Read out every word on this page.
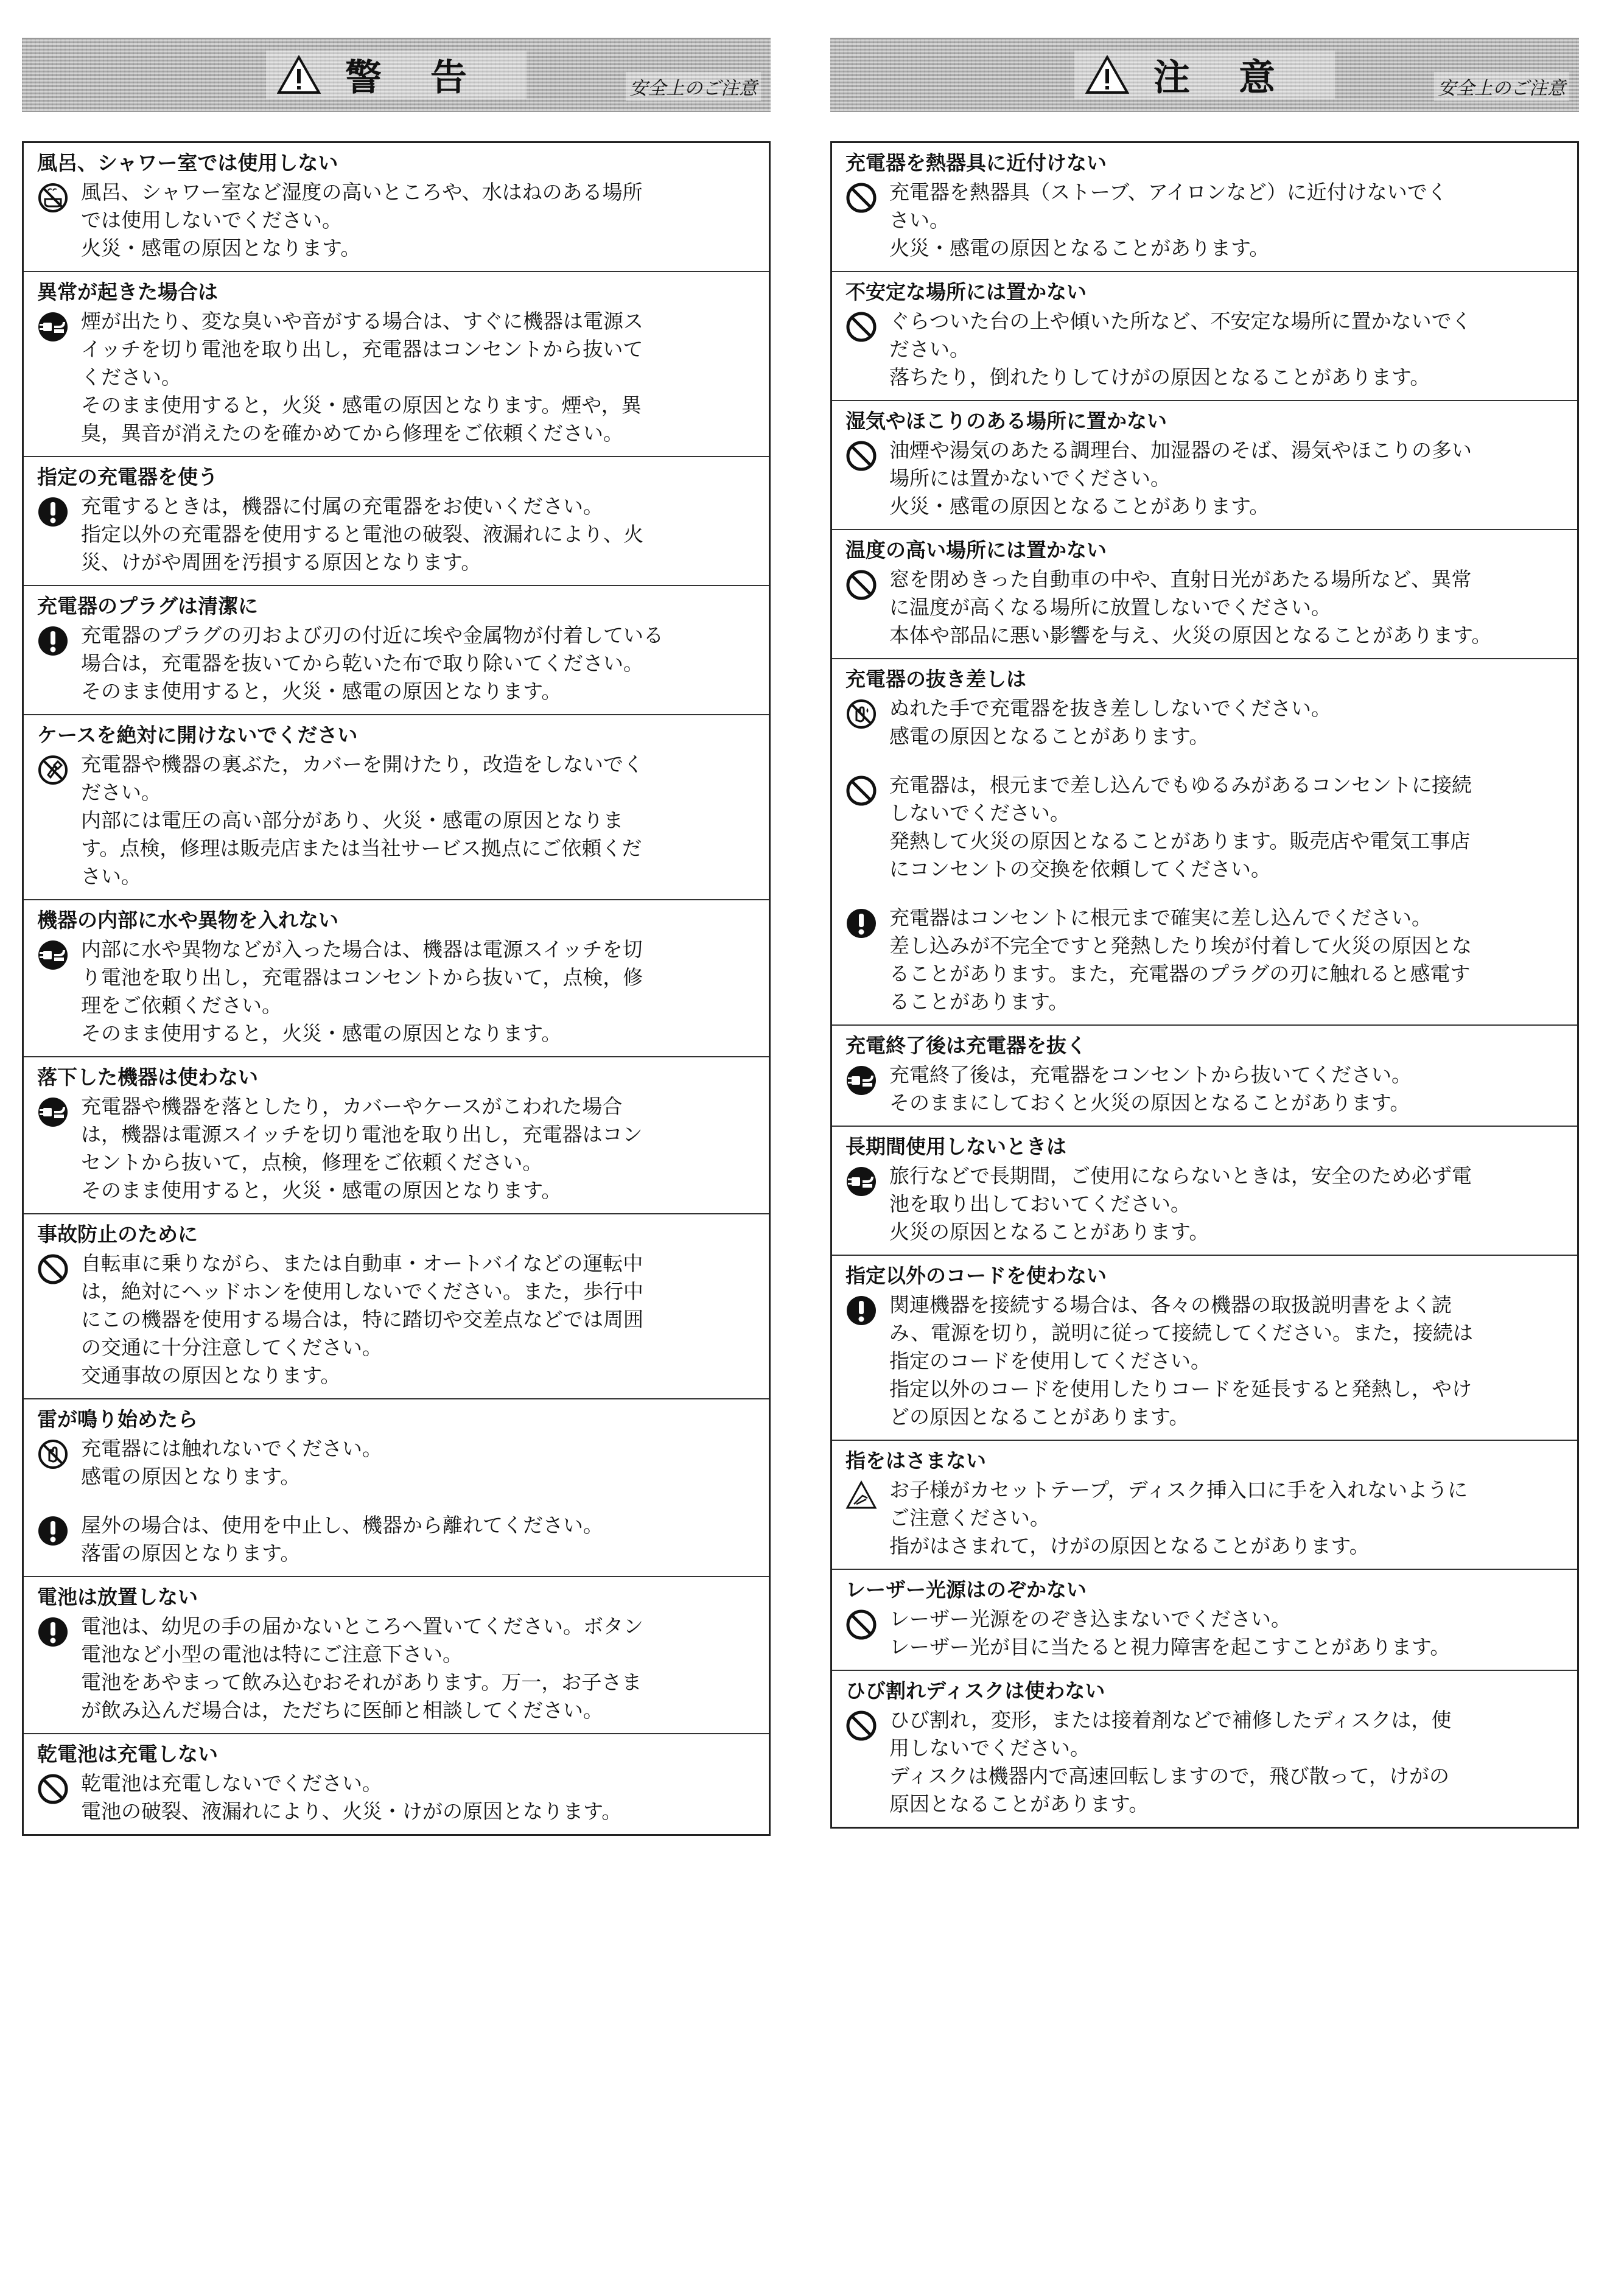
警告	安全上のご注意
風呂、シャワー室では使用しない
風呂、シャワー室など湿度の高いところや、水はねのある場所
では使用しないでください。
火災・感電の原因となります。
異常が起きた場合は
煙が出たり、変な臭いや音がする場合は、すぐに機器は電源ス
イッチを切り電池を取り出し，充電器はコンセントから抜いて
ください。
そのまま使用すると，火災・感電の原因となります。煙や，異
臭，異音が消えたのを確かめてから修理をご依頼ください。
指定の充電器を使う
充電するときは，機器に付属の充電器をお使いください。
指定以外の充電器を使用すると電池の破裂、液漏れにより、火
災、けがや周囲を汚損する原因となります。
充電器のプラグは清潔に
充電器のプラグの刃および刃の付近に埃や金属物が付着している
場合は，充電器を抜いてから乾いた布で取り除いてください。
そのまま使用すると，火災・感電の原因となります。
ケースを絶対に開けないでください
充電器や機器の裏ぶた，カバーを開けたり，改造をしないでく
ださい。
内部には電圧の高い部分があり、火災・感電の原因となりま
す。点検，修理は販売店または当社サービス拠点にご依頼くだ
さい。
機器の内部に水や異物を入れない
内部に水や異物などが入った場合は、機器は電源スイッチを切
り電池を取り出し，充電器はコンセントから抜いて，点検，修
理をご依頼ください。
そのまま使用すると，火災・感電の原因となります。
落下した機器は使わない
充電器や機器を落としたり，カバーやケースがこわれた場合
は，機器は電源スイッチを切り電池を取り出し，充電器はコン
セントから抜いて，点検，修理をご依頼ください。
そのまま使用すると，火災・感電の原因となります。
事故防止のために
自転車に乗りながら、または自動車・オートバイなどの運転中
は，絶対にヘッドホンを使用しないでください。また，歩行中
にこの機器を使用する場合は，特に踏切や交差点などでは周囲
の交通に十分注意してください。
交通事故の原因となります。
雷が鳴り始めたら
充電器には触れないでください。
感電の原因となります。
屋外の場合は、使用を中止し、機器から離れてください。
落雷の原因となります。
電池は放置しない
電池は、幼児の手の届かないところへ置いてください。ボタン
電池など小型の電池は特にご注意下さい。
電池をあやまって飲み込むおそれがあります。万一，お子さま
が飲み込んだ場合は，ただちに医師と相談してください。
乾電池は充電しない
乾電池は充電しないでください。
電池の破裂、液漏れにより、火災・けがの原因となります。
注意	安全上のご注意
充電器を熱器具に近付けない
充電器を熱器具（ストーブ、アイロンなど）に近付けないでく
さい。
火災・感電の原因となることがあります。
不安定な場所には置かない
ぐらついた台の上や傾いた所など、不安定な場所に置かないでく
ださい。
落ちたり，倒れたりしてけがの原因となることがあります。
湿気やほこりのある場所に置かない
油煙や湯気のあたる調理台、加湿器のそば、湯気やほこりの多い
場所には置かないでください。
火災・感電の原因となることがあります。
温度の高い場所には置かない
窓を閉めきった自動車の中や、直射日光があたる場所など、異常
に温度が高くなる場所に放置しないでください。
本体や部品に悪い影響を与え、火災の原因となることがあります。
充電器の抜き差しは
ぬれた手で充電器を抜き差ししないでください。
感電の原因となることがあります。
充電器は，根元まで差し込んでもゆるみがあるコンセントに接続
しないでください。
発熱して火災の原因となることがあります。販売店や電気工事店
にコンセントの交換を依頼してください。
充電器はコンセントに根元まで確実に差し込んでください。
差し込みが不完全ですと発熱したり埃が付着して火災の原因とな
ることがあります。また，充電器のプラグの刃に触れると感電す
ることがあります。
充電終了後は充電器を抜く
充電終了後は，充電器をコンセントから抜いてください。
そのままにしておくと火災の原因となることがあります。
長期間使用しないときは
旅行などで長期間，ご使用にならないときは，安全のため必ず電
池を取り出しておいてください。
火災の原因となることがあります。
指定以外のコードを使わない
関連機器を接続する場合は、各々の機器の取扱説明書をよく読
み、電源を切り，説明に従って接続してください。また，接続は
指定のコードを使用してください。
指定以外のコードを使用したりコードを延長すると発熱し，やけ
どの原因となることがあります。
指をはさまない
お子様がカセットテープ，ディスク挿入口に手を入れないように
ご注意ください。
指がはさまれて，けがの原因となることがあります。
レーザー光源はのぞかない
レーザー光源をのぞき込まないでください。
レーザー光が目に当たると視力障害を起こすことがあります。
ひび割れディスクは使わない
ひび割れ，変形，または接着剤などで補修したディスクは，使
用しないでください。
ディスクは機器内で高速回転しますので，飛び散って，けがの
原因となることがあります。
